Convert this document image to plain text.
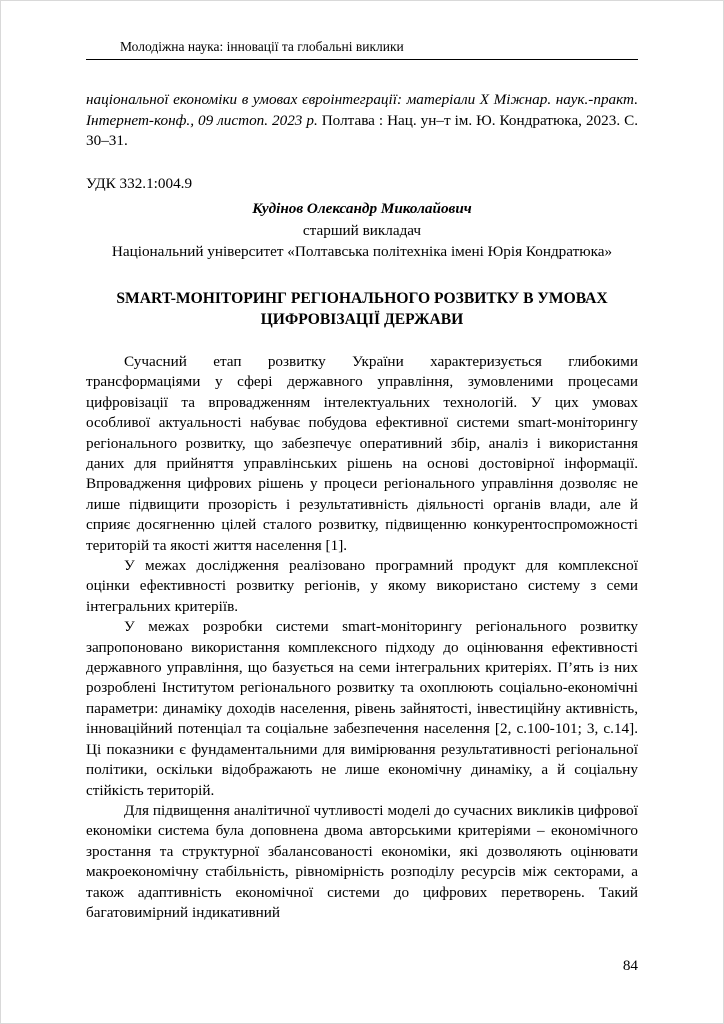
Молодіжна наука: інновації та глобальні виклики

національної економіки в умовах євроінтеграції: матеріали X Міжнар. наук.-практ. Інтернет-конф., 09 листоп. 2023 р. Полтава : Нац. ун–т ім. Ю. Кондратюка, 2023. С. 30–31.

УДК 332.1:004.9

Кудінов Олександр Миколайович

старший викладач

Національний університет «Полтавська політехніка імені Юрія Кондратюка»

SMART-МОНІТОРИНГ РЕГІОНАЛЬНОГО РОЗВИТКУ В УМОВАХ ЦИФРОВІЗАЦІЇ ДЕРЖАВИ

Сучасний етап розвитку України характеризується глибокими трансформаціями у сфері державного управління, зумовленими процесами цифровізації та впровадженням інтелектуальних технологій. У цих умовах особливої актуальності набуває побудова ефективної системи smart-моніторингу регіонального розвитку, що забезпечує оперативний збір, аналіз і використання даних для прийняття управлінських рішень на основі достовірної інформації. Впровадження цифрових рішень у процеси регіонального управління дозволяє не лише підвищити прозорість і результативність діяльності органів влади, але й сприяє досягненню цілей сталого розвитку, підвищенню конкурентоспроможності територій та якості життя населення [1].

У межах дослідження реалізовано програмний продукт для комплексної оцінки ефективності розвитку регіонів, у якому використано систему з семи інтегральних критеріїв.

У межах розробки системи smart-моніторингу регіонального розвитку запропоновано використання комплексного підходу до оцінювання ефективності державного управління, що базується на семи інтегральних критеріях. П’ять із них розроблені Інститутом регіонального розвитку та охоплюють соціально-економічні параметри: динаміку доходів населення, рівень зайнятості, інвестиційну активність, інноваційний потенціал та соціальне забезпечення населення [2, с.100-101; 3, с.14]. Ці показники є фундаментальними для вимірювання результативності регіональної політики, оскільки відображають не лише економічну динаміку, а й соціальну стійкість територій.

Для підвищення аналітичної чутливості моделі до сучасних викликів цифрової економіки система була доповнена двома авторськими критеріями – економічного зростання та структурної збалансованості економіки, які дозволяють оцінювати макроекономічну стабільність, рівномірність розподілу ресурсів між секторами, а також адаптивність економічної системи до цифрових перетворень. Такий багатовимірний індикативний

84
